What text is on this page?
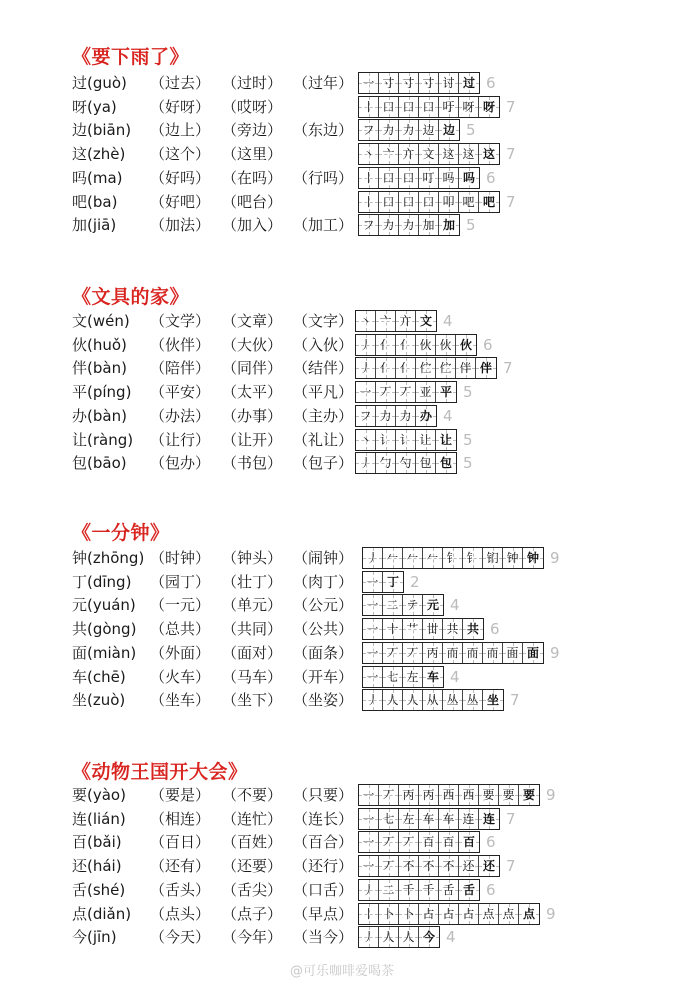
《要下雨了》
过(guò) （过去） （过时） （过年） 一 寸 寸 寸 讨 过 6
呀(ya) （好呀） （哎呀）	丨 口 口 口 吁 呀 呀 7
边(biān) （边上） （旁边） （东边） フ 力 力 边 边 5
这(zhè) （这个） （这里）	丶 亠 亣 文 这 这 这 7
吗(ma) （好吗） （在吗） （行吗） 丨 口 口 叮 吗 吗 6
吧(ba) （好吧） （吧台）	丨 口 口 口 叩 吧 吧 7
加(jiā) （加法） （加入） （加工） フ 力 力 加 加 5
《文具的家》
文(wén) （文学） （文章） （文字） 丶 亠 亣 文 4
伙(huǒ) （伙伴） （大伙） （入伙） 丿 亻 亻 伙 伙 伙 6
伴(bàn) （陪伴） （同伴） （结伴） 丿 亻 亻 伫 伫 伴 伴 7
平(píng) （平安） （太平） （平凡） 一 丆 丆 亚 平 5
办(bàn) （办法） （办事） （主办） フ 力 力 办 4
让(ràng) （让行） （让开） （礼让） 丶 讠 讠 让 让 5
包(bāo) （包办） （书包） （包子） 丿 勹 勺 包 包 5
《一分钟》
钟(zhōng) （时钟） （钟头） （闹钟） 丿 𠂉 𠂉 𠂉 钅 钅 钔 钟 钟 9
丁(dīng) （园丁） （壮丁） （肉丁） 一 丁 2
元(yuán) （一元） （单元） （公元） 一 二 テ 元 4
共(gòng) （总共） （共同） （公共） 一 十 艹 丗 共 共 6
面(miàn) （外面） （面对） （面条） 一 丆 丆 丙 而 而 而 面 面 9
车(chē) （火车） （马车） （开车） 一 七 左 车 4
坐(zuò) （坐车） （坐下） （坐姿） 丿 人 人 从 丛 丛 坐 7
《动物王国开大会》
要(yào) （要是） （不要） （只要） 一 丆 丙 丙 西 西 要 要 要 9
连(lián) （相连） （连忙） （连长） 一 七 左 车 车 连 连 7
百(bǎi) （百日） （百姓） （百合） 一 丆 丆 百 百 百 6
还(hái) （还有） （还要） （还行） 一 丆 不 不 不 还 还 7
舌(shé) （舌头） （舌尖） （口舌） 丿 二 千 千 舌 舌 6
点(diǎn) （点头） （点子） （早点） 丨 卜 卜 占 占 占 点 点 点 9
今(jīn) （今天） （今年） （当今） 丿 人 人 今 4
@可乐咖啡爱喝茶
